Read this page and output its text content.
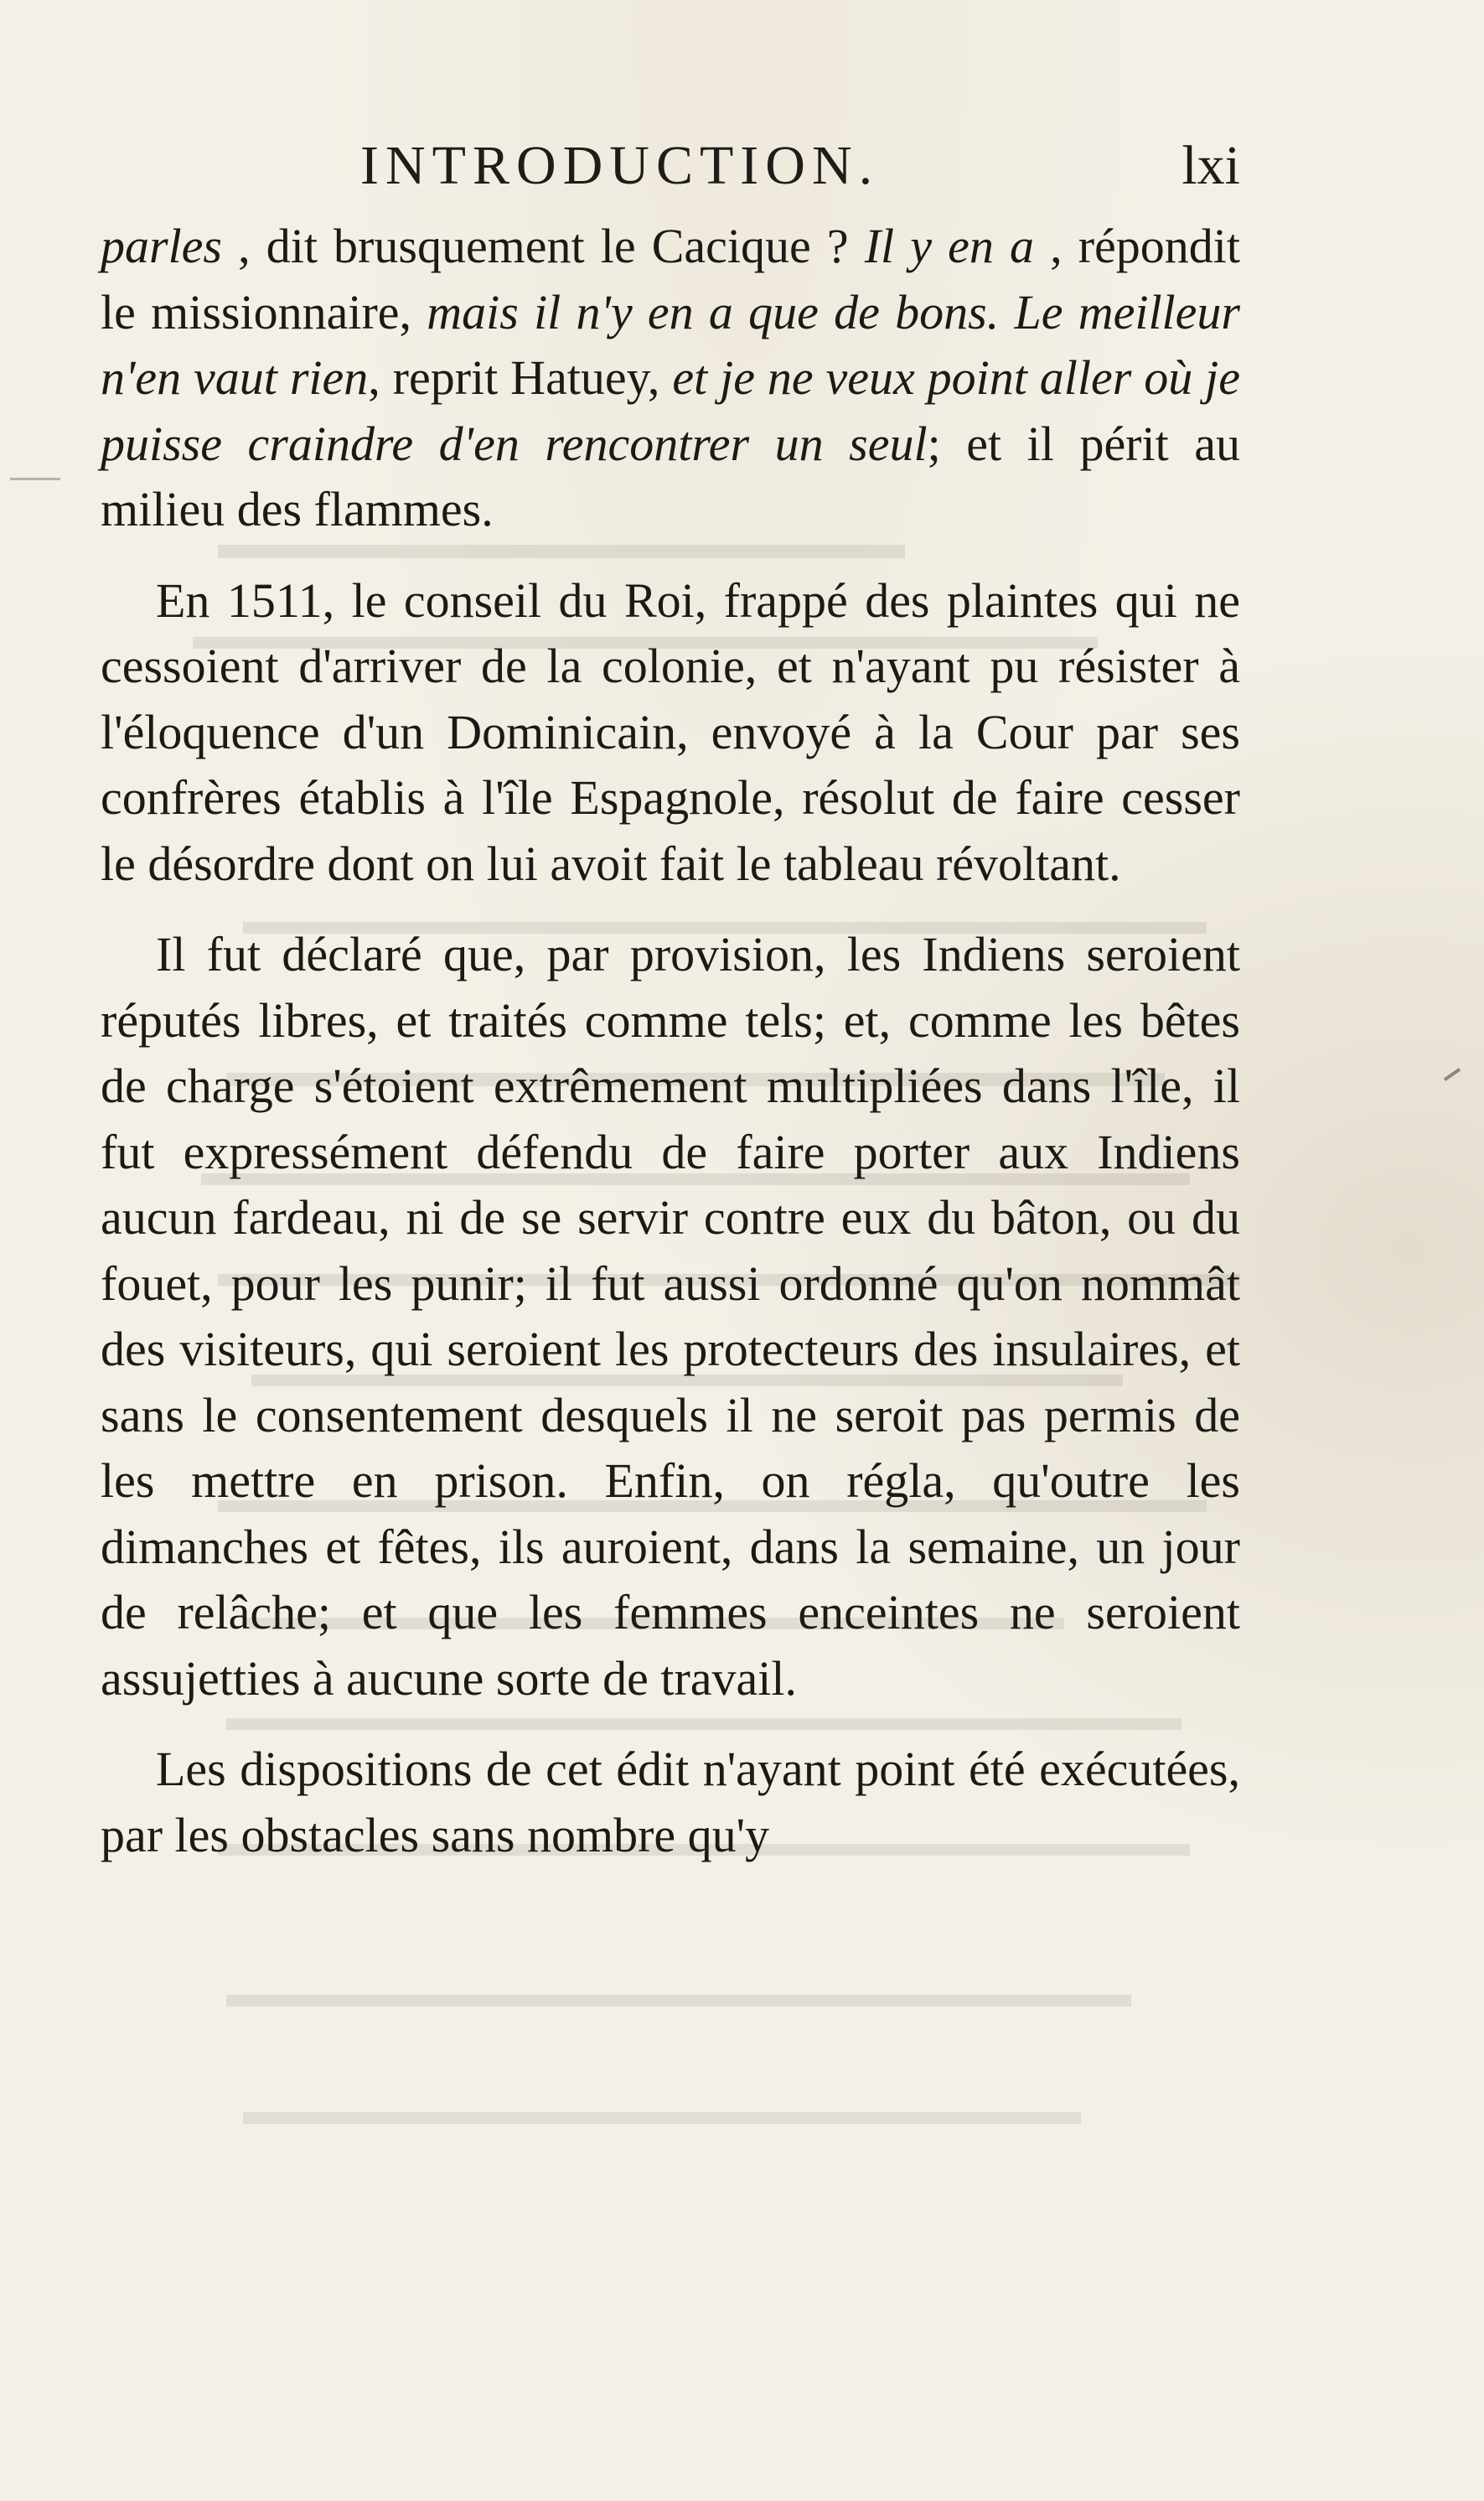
INTRODUCTION.	lxi

parles , dit brusquement le Cacique ? Il y en a , répondit le missionnaire, mais il n'y en a que de bons. Le meilleur n'en vaut rien, reprit Hatuey, et je ne veux point aller où je puisse craindre d'en rencontrer un seul; et il périt au milieu des flammes.

En 1511, le conseil du Roi, frappé des plaintes qui ne cessoient d'arriver de la colonie, et n'ayant pu résister à l'éloquence d'un Dominicain, envoyé à la Cour par ses confrères établis à l'île Espagnole, résolut de faire cesser le désordre dont on lui avoit fait le tableau révoltant.

Il fut déclaré que, par provision, les Indiens seroient réputés libres, et traités comme tels; et, comme les bêtes de charge s'étoient extrêmement multipliées dans l'île, il fut expressément défendu de faire porter aux Indiens aucun fardeau, ni de se servir contre eux du bâton, ou du fouet, pour les punir; il fut aussi ordonné qu'on nommât des visiteurs, qui seroient les protecteurs des insulaires, et sans le consentement desquels il ne seroit pas permis de les mettre en prison. Enfin, on régla, qu'outre les dimanches et fêtes, ils auroient, dans la semaine, un jour de relâche; et que les femmes enceintes ne seroient assujetties à aucune sorte de travail.

Les dispositions de cet édit n'ayant point été exécutées, par les obstacles sans nombre qu'y
